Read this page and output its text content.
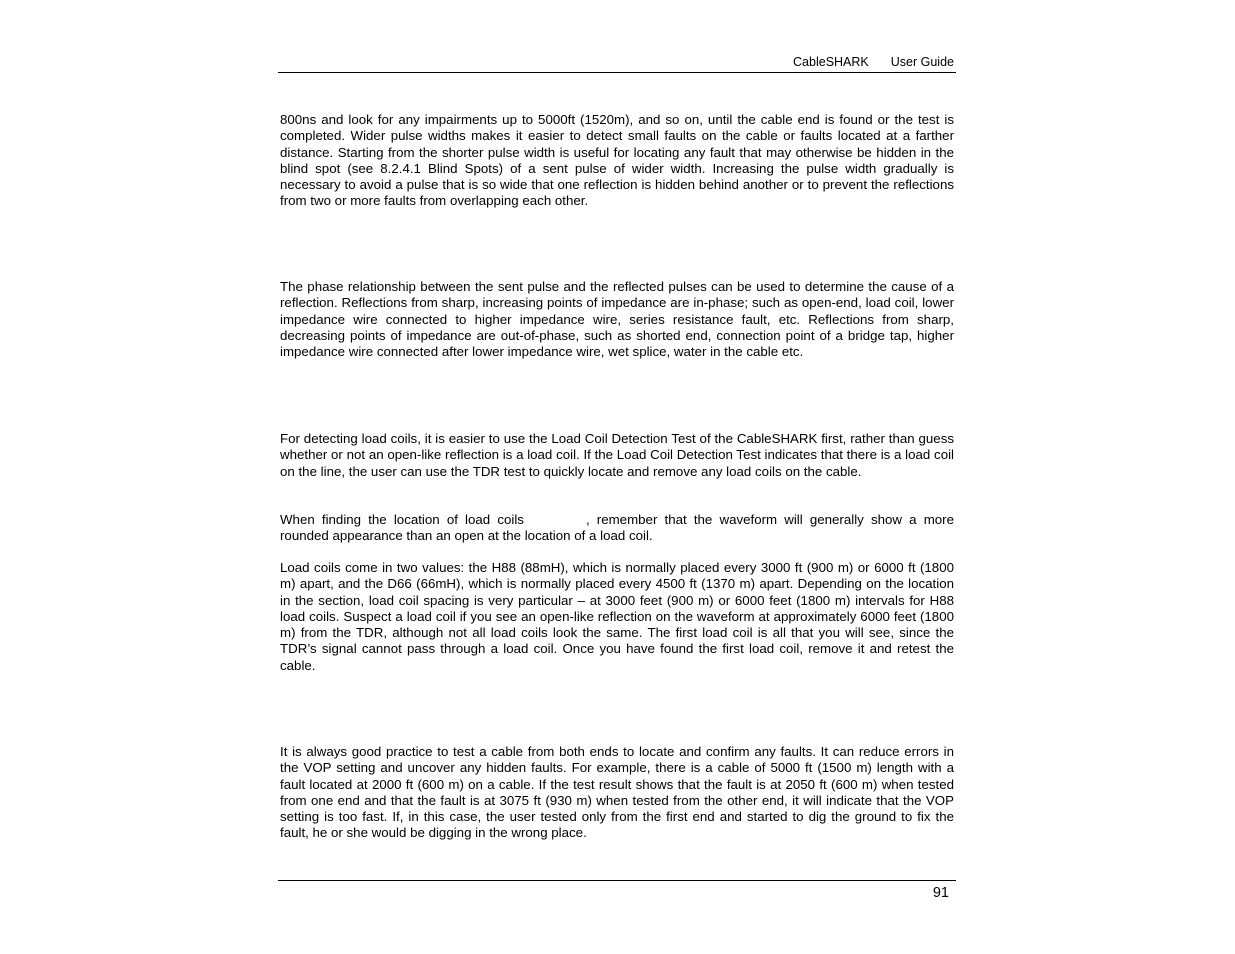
CableSHARK User Guide

800ns and look for any impairments up to 5000ft (1520m), and so on, until the cable end is found or the test is completed. Wider pulse widths makes it easier to detect small faults on the cable or faults located at a farther distance. Starting from the shorter pulse width is useful for locating any fault that may otherwise be hidden in the blind spot (see 8.2.4.1 Blind Spots) of a sent pulse of wider width. Increasing the pulse width gradually is necessary to avoid a pulse that is so wide that one reflection is hidden behind another or to prevent the reflections from two or more faults from overlapping each other.

The phase relationship between the sent pulse and the reflected pulses can be used to determine the cause of a reflection. Reflections from sharp, increasing points of impedance are in-phase; such as open-end, load coil, lower impedance wire connected to higher impedance wire, series resistance fault, etc. Reflections from sharp, decreasing points of impedance are out-of-phase, such as shorted end, connection point of a bridge tap, higher impedance wire connected after lower impedance wire, wet splice, water in the cable etc.

For detecting load coils, it is easier to use the Load Coil Detection Test of the CableSHARK first, rather than guess whether or not an open-like reflection is a load coil. If the Load Coil Detection Test indicates that there is a load coil on the line, the user can use the TDR test to quickly locate and remove any load coils on the cable.

When finding the location of load coils	, remember that the waveform will generally show a more rounded appearance than an open at the location of a load coil.

Load coils come in two values: the H88 (88mH), which is normally placed every 3000 ft (900 m) or 6000 ft (1800 m) apart, and the D66 (66mH), which is normally placed every 4500 ft (1370 m) apart. Depending on the location in the section, load coil spacing is very particular – at 3000 feet (900 m) or 6000 feet (1800 m) intervals for H88 load coils. Suspect a load coil if you see an open-like reflection on the waveform at approximately 6000 feet (1800 m) from the TDR, although not all load coils look the same. The first load coil is all that you will see, since the TDR’s signal cannot pass through a load coil. Once you have found the first load coil, remove it and retest the cable.

It is always good practice to test a cable from both ends to locate and confirm any faults. It can reduce errors in the VOP setting and uncover any hidden faults. For example, there is a cable of 5000 ft (1500 m) length with a fault located at 2000 ft (600 m) on a cable. If the test result shows that the fault is at 2050 ft (600 m) when tested from one end and that the fault is at 3075 ft (930 m) when tested from the other end, it will indicate that the VOP setting is too fast. If, in this case, the user tested only from the first end and started to dig the ground to fix the fault, he or she would be digging in the wrong place.

91
